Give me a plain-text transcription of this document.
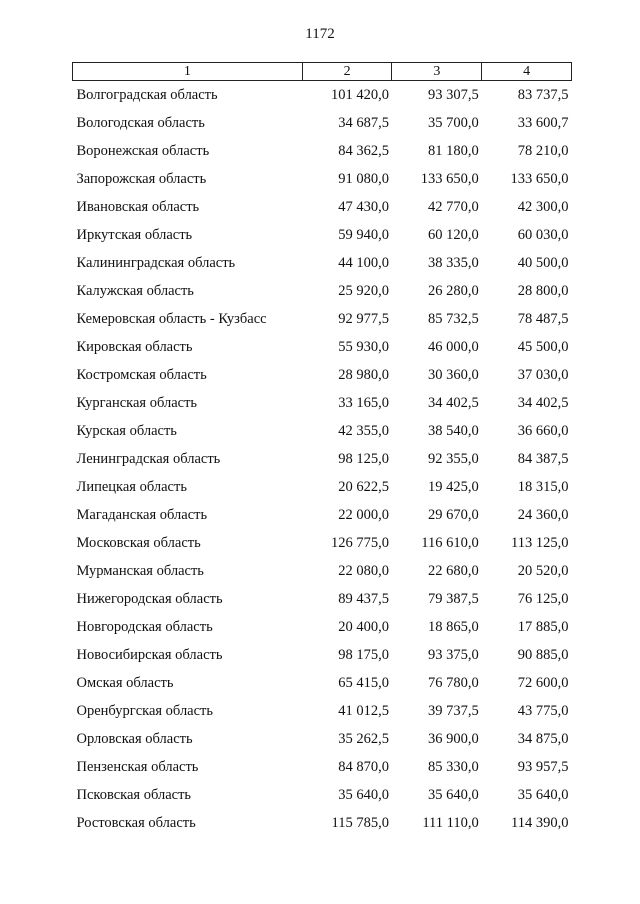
1172
1	2	3	4
Волгоградская область	101 420,0	93 307,5	83 737,5
Вологодская область	34 687,5	35 700,0	33 600,7
Воронежская область	84 362,5	81 180,0	78 210,0
Запорожская область	91 080,0	133 650,0	133 650,0
Ивановская область	47 430,0	42 770,0	42 300,0
Иркутская область	59 940,0	60 120,0	60 030,0
Калининградская область	44 100,0	38 335,0	40 500,0
Калужская область	25 920,0	26 280,0	28 800,0
Кемеровская область - Кузбасс	92 977,5	85 732,5	78 487,5
Кировская область	55 930,0	46 000,0	45 500,0
Костромская область	28 980,0	30 360,0	37 030,0
Курганская область	33 165,0	34 402,5	34 402,5
Курская область	42 355,0	38 540,0	36 660,0
Ленинградская область	98 125,0	92 355,0	84 387,5
Липецкая область	20 622,5	19 425,0	18 315,0
Магаданская область	22 000,0	29 670,0	24 360,0
Московская область	126 775,0	116 610,0	113 125,0
Мурманская область	22 080,0	22 680,0	20 520,0
Нижегородская область	89 437,5	79 387,5	76 125,0
Новгородская область	20 400,0	18 865,0	17 885,0
Новосибирская область	98 175,0	93 375,0	90 885,0
Омская область	65 415,0	76 780,0	72 600,0
Оренбургская область	41 012,5	39 737,5	43 775,0
Орловская область	35 262,5	36 900,0	34 875,0
Пензенская область	84 870,0	85 330,0	93 957,5
Псковская область	35 640,0	35 640,0	35 640,0
Ростовская область	115 785,0	111 110,0	114 390,0
